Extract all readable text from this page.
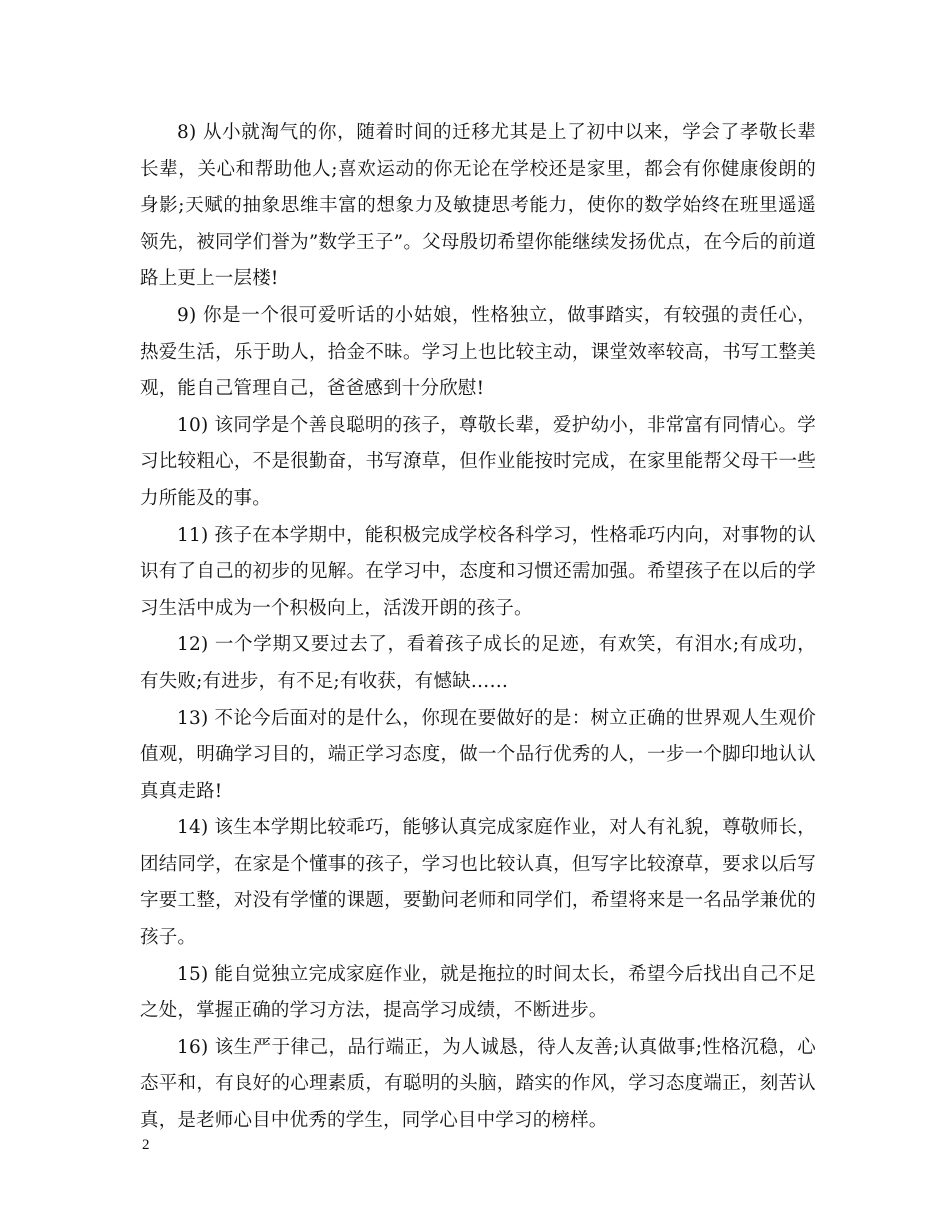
8) 从小就淘气的你，随着时间的迁移尤其是上了初中以来，学会了孝敬长辈长辈，关心和帮助他人;喜欢运动的你无论在学校还是家里，都会有你健康俊朗的身影;天赋的抽象思维丰富的想象力及敏捷思考能力，使你的数学始终在班里遥遥领先，被同学们誉为”数学王子”。父母殷切希望你能继续发扬优点，在今后的前道路上更上一层楼!

9) 你是一个很可爱听话的小姑娘，性格独立，做事踏实，有较强的责任心，热爱生活，乐于助人，拾金不昧。学习上也比较主动，课堂效率较高，书写工整美观，能自己管理自己，爸爸感到十分欣慰!

10) 该同学是个善良聪明的孩子，尊敬长辈，爱护幼小，非常富有同情心。学习比较粗心，不是很勤奋，书写潦草，但作业能按时完成，在家里能帮父母干一些力所能及的事。

11) 孩子在本学期中，能积极完成学校各科学习，性格乖巧内向，对事物的认识有了自己的初步的见解。在学习中，态度和习惯还需加强。希望孩子在以后的学习生活中成为一个积极向上，活泼开朗的孩子。

12) 一个学期又要过去了，看着孩子成长的足迹，有欢笑，有泪水;有成功，有失败;有进步，有不足;有收获，有憾缺……

13) 不论今后面对的是什么，你现在要做好的是：树立正确的世界观人生观价值观，明确学习目的，端正学习态度，做一个品行优秀的人，一步一个脚印地认认真真走路!

14) 该生本学期比较乖巧，能够认真完成家庭作业，对人有礼貌，尊敬师长，团结同学，在家是个懂事的孩子，学习也比较认真，但写字比较潦草，要求以后写字要工整，对没有学懂的课题，要勤问老师和同学们，希望将来是一名品学兼优的孩子。

15) 能自觉独立完成家庭作业，就是拖拉的时间太长，希望今后找出自己不足之处，掌握正确的学习方法，提高学习成绩，不断进步。

16) 该生严于律己，品行端正，为人诚恳，待人友善;认真做事;性格沉稳，心态平和，有良好的心理素质，有聪明的头脑，踏实的作风，学习态度端正，刻苦认真，是老师心目中优秀的学生，同学心目中学习的榜样。

2
